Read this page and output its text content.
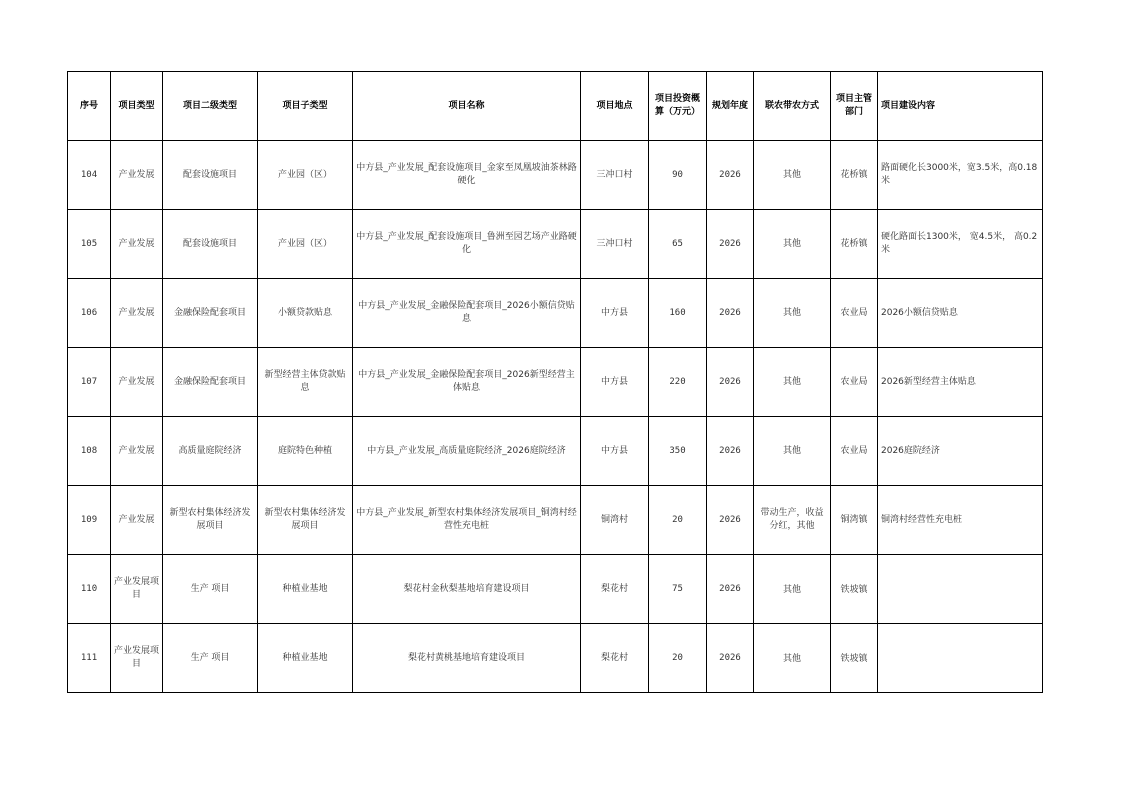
序号	项目类型	项目二级类型	项目子类型	项目名称	项目地点	项目投资概算（万元）	规划年度	联农带农方式	项目主管部门	项目建设内容
104	产业发展	配套设施项目	产业园（区）	中方县_产业发展_配套设施项目_金家至凤凰坡油茶林路硬化	三冲口村	90	2026	其他	花桥镇	路面硬化长3000米，宽3.5米，高0.18米
105	产业发展	配套设施项目	产业园（区）	中方县_产业发展_配套设施项目_鲁洲至园艺场产业路硬化	三冲口村	65	2026	其他	花桥镇	硬化路面长1300米， 宽4.5米， 高0.2米
106	产业发展	金融保险配套项目	小额贷款贴息	中方县_产业发展_金融保险配套项目_2026小额信贷贴息	中方县	160	2026	其他	农业局	2026小额信贷贴息
107	产业发展	金融保险配套项目	新型经营主体贷款贴息	中方县_产业发展_金融保险配套项目_2026新型经营主体贴息	中方县	220	2026	其他	农业局	2026新型经营主体贴息
108	产业发展	高质量庭院经济	庭院特色种植	中方县_产业发展_高质量庭院经济_2026庭院经济	中方县	350	2026	其他	农业局	2026庭院经济
109	产业发展	新型农村集体经济发展项目	新型农村集体经济发展项目	中方县_产业发展_新型农村集体经济发展项目_铜湾村经营性充电桩	铜湾村	20	2026	带动生产，收益分红，其他	铜湾镇	铜湾村经营性充电桩
110	产业发展项目	生产 项目	种植业基地	梨花村金秋梨基地培育建设项目	梨花村	75	2026	其他	铁坡镇	
111	产业发展项目	生产 项目	种植业基地	梨花村黄桃基地培育建设项目	梨花村	20	2026	其他	铁坡镇	
